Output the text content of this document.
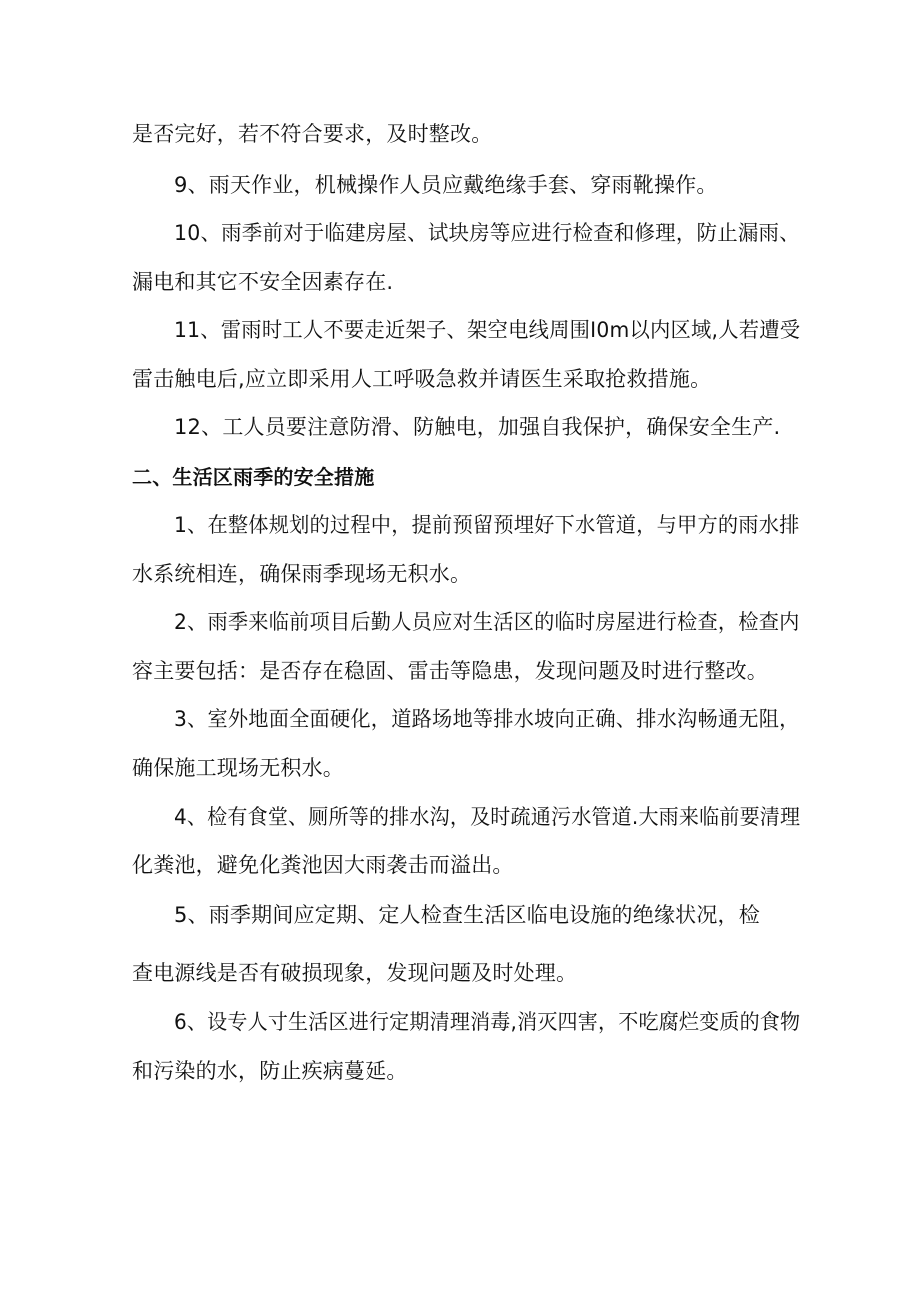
是否完好，若不符合要求，及时整改。
9、雨天作业，机械操作人员应戴绝缘手套、穿雨靴操作。
10、雨季前对于临建房屋、试块房等应进行检查和修理，防止漏雨、
漏电和其它不安全因素存在.
11、雷雨时工人不要走近架子、架空电线周围I0m以内区域,人若遭受
雷击触电后,应立即采用人工呼吸急救并请医生采取抢救措施。
12、工人员要注意防滑、防触电，加强自我保护，确保安全生产.
二、生活区雨季的安全措施
1、在整体规划的过程中，提前预留预埋好下水管道，与甲方的雨水排
水系统相连，确保雨季现场无积水。
2、雨季来临前项目后勤人员应对生活区的临时房屋进行检查，检查内
容主要包括：是否存在稳固、雷击等隐患，发现问题及时进行整改。
3、室外地面全面硬化，道路场地等排水坡向正确、排水沟畅通无阻，
确保施工现场无积水。
4、检有食堂、厕所等的排水沟，及时疏通污水管道.大雨来临前要清理
化粪池，避免化粪池因大雨袭击而溢出。
5、雨季期间应定期、定人检查生活区临电设施的绝缘状况，检
查电源线是否有破损现象，发现问题及时处理。
6、设专人寸生活区进行定期清理消毒,消灭四害，不吃腐烂变质的食物
和污染的水，防止疾病蔓延。
